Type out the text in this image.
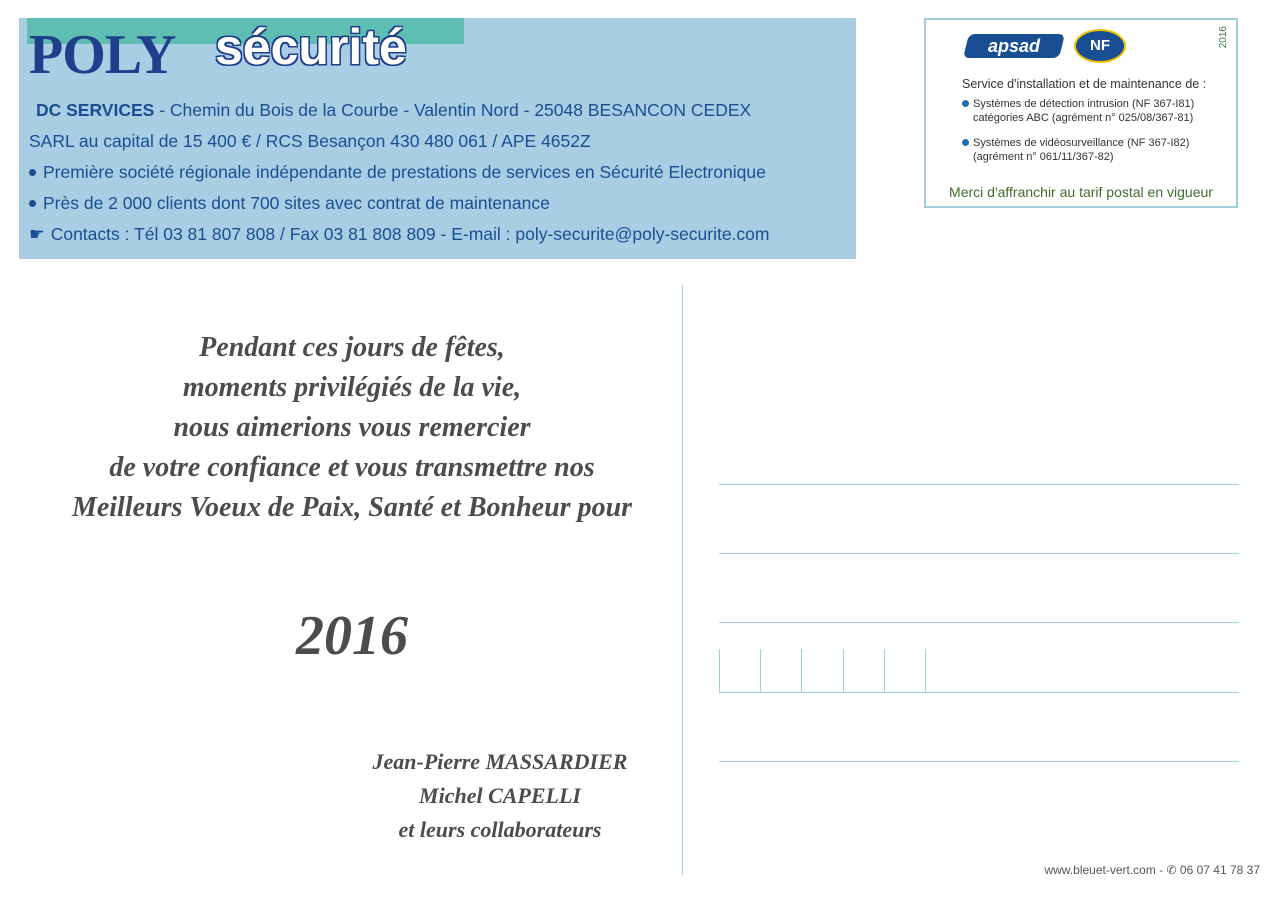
POLY sécurité
DC SERVICES - Chemin du Bois de la Courbe - Valentin Nord - 25048 BESANCON CEDEX
SARL au capital de 15 400 € / RCS Besançon 430 480 061 / APE 4652Z
Première société régionale indépendante de prestations de services en Sécurité Electronique
Près de 2 000 clients dont 700 sites avec contrat de maintenance
☛ Contacts : Tél 03 81 807 808 / Fax 03 81 808 809 - E-mail : poly-securite@poly-securite.com
apsad	NF	2016
Service d'installation et de maintenance de :
Systèmes de détection intrusion (NF 367-I81)
catégories ABC (agrément n° 025/08/367-81)
Systèmes de vidéosurveillance (NF 367-I82)
(agrément n° 061/11/367-82)
Merci d'affranchir au tarif postal en vigueur
Pendant ces jours de fêtes,
moments privilégiés de la vie,
nous aimerions vous remercier
de votre confiance et vous transmettre nos
Meilleurs Voeux de Paix, Santé et Bonheur pour
2016
Jean-Pierre MASSARDIER
Michel CAPELLI
et leurs collaborateurs
www.bleuet-vert.com - ✆ 06 07 41 78 37
